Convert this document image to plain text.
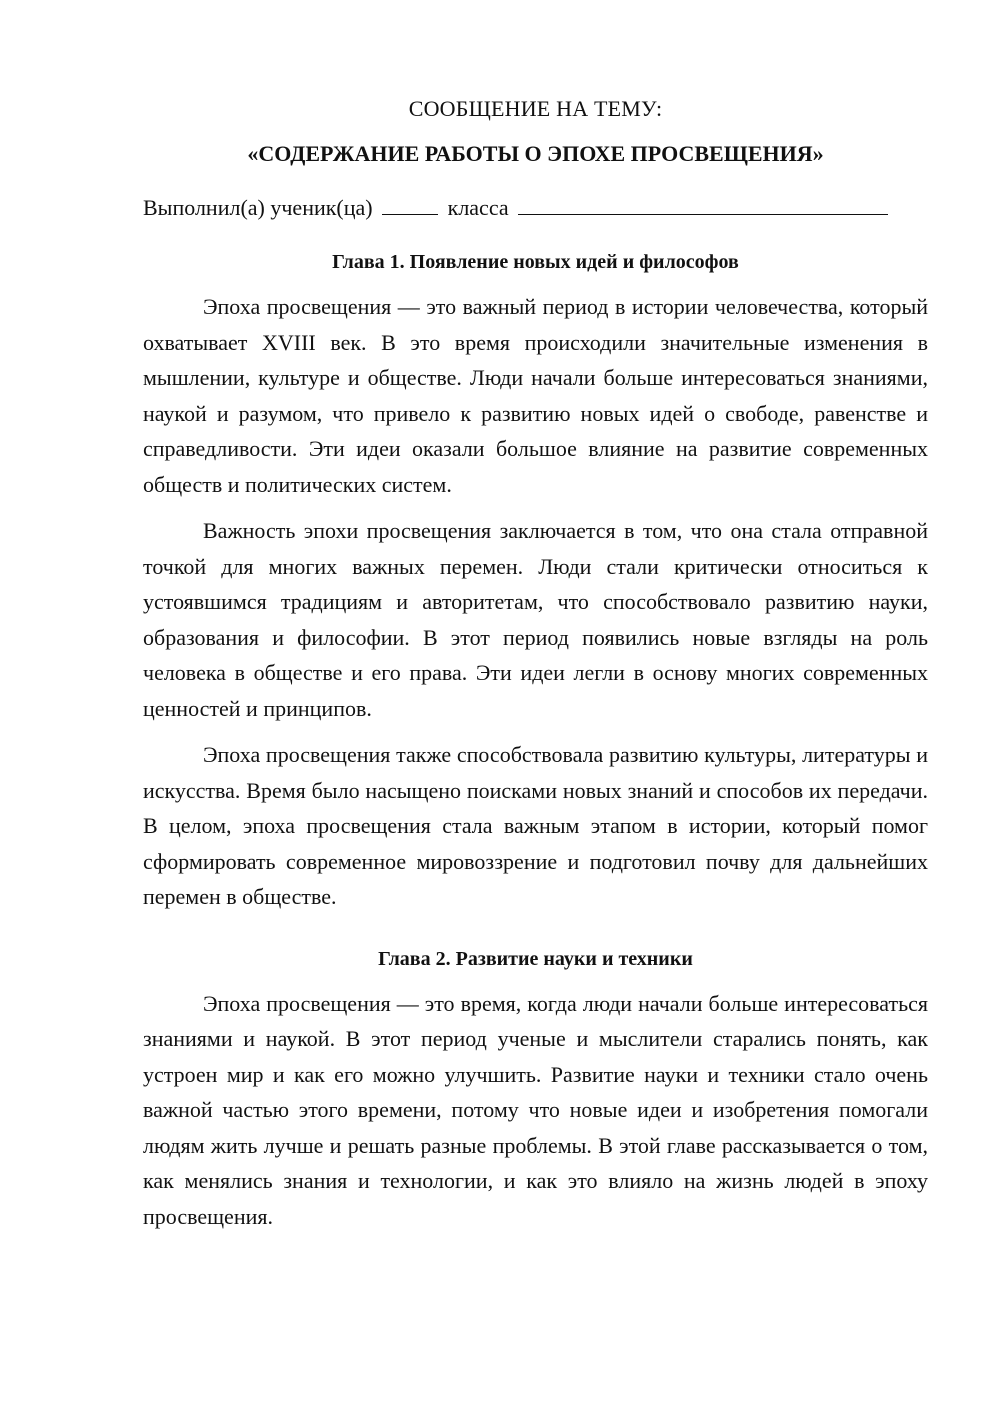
СООБЩЕНИЕ НА ТЕМУ:
«СОДЕРЖАНИЕ РАБОТЫ О ЭПОХЕ ПРОСВЕЩЕНИЯ»
Выполнил(а) ученик(ца)	класса
Глава 1. Появление новых идей и философов

Эпоха просвещения — это важный период в истории человечества, который охватывает XVIII век. В это время происходили значительные изменения в мышлении, культуре и обществе. Люди начали больше интересоваться знаниями, наукой и разумом, что привело к развитию новых идей о свободе, равенстве и справедливости. Эти идеи оказали большое влияние на развитие современных обществ и политических систем.

Важность эпохи просвещения заключается в том, что она стала отправной точкой для многих важных перемен. Люди стали критически относиться к устоявшимся традициям и авторитетам, что способствовало развитию науки, образования и философии. В этот период появились новые взгляды на роль человека в обществе и его права. Эти идеи легли в основу многих современных ценностей и принципов.

Эпоха просвещения также способствовала развитию культуры, литературы и искусства. Время было насыщено поисками новых знаний и способов их передачи. В целом, эпоха просвещения стала важным этапом в истории, который помог сформировать современное мировоззрение и подготовил почву для дальнейших перемен в обществе.

Глава 2. Развитие науки и техники

Эпоха просвещения — это время, когда люди начали больше интересоваться знаниями и наукой. В этот период ученые и мыслители старались понять, как устроен мир и как его можно улучшить. Развитие науки и техники стало очень важной частью этого времени, потому что новые идеи и изобретения помогали людям жить лучше и решать разные проблемы. В этой главе рассказывается о том, как менялись знания и технологии, и как это влияло на жизнь людей в эпоху просвещения.
